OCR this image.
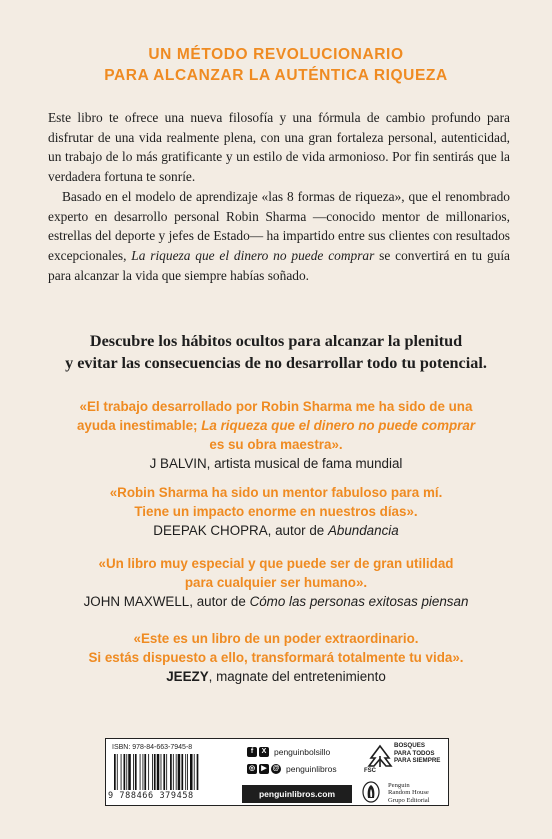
UN MÉTODO REVOLUCIONARIO
PARA ALCANZAR LA AUTÉNTICA RIQUEZA

Este libro te ofrece una nueva filosofía y una fórmula de cambio profundo para disfrutar de una vida realmente plena, con una gran fortaleza personal, autenticidad, un trabajo de lo más gratificante y un estilo de vida armonioso. Por fin sentirás que la verdadera fortuna te sonríe.

Basado en el modelo de aprendizaje «las 8 formas de riqueza», que el renombrado experto en desarrollo personal Robin Sharma —conocido mentor de millonarios, estrellas del deporte y jefes de Estado— ha impartido entre sus clientes con resultados excepcionales, La riqueza que el dinero no puede comprar se convertirá en tu guía para alcanzar la vida que siempre habías soñado.

Descubre los hábitos ocultos para alcanzar la plenitud
y evitar las consecuencias de no desarrollar todo tu potencial.
«El trabajo desarrollado por Robin Sharma me ha sido de una
ayuda inestimable; La riqueza que el dinero no puede comprar
es su obra maestra».
J BALVIN, artista musical de fama mundial
«Robin Sharma ha sido un mentor fabuloso para mí.
Tiene un impacto enorme en nuestros días».
DEEPAK CHOPRA, autor de Abundancia
«Un libro muy especial y que puede ser de gran utilidad
para cualquier ser humano».
JOHN MAXWELL, autor de Cómo las personas exitosas piensan
«Este es un libro de un poder extraordinario.
Si estás dispuesto a ello, transformará totalmente tu vida».
JEEZY, magnate del entretenimiento
ISBN: 978-84-663-7945-8
9 788466 379458
f	X penguinbolsillo
◎ ▶ @ penguinlibros
penguinlibros.com
FSC
BOSQUES
PARA TODOS
PARA SIEMPRE
Penguin
Random House
Grupo Editorial
